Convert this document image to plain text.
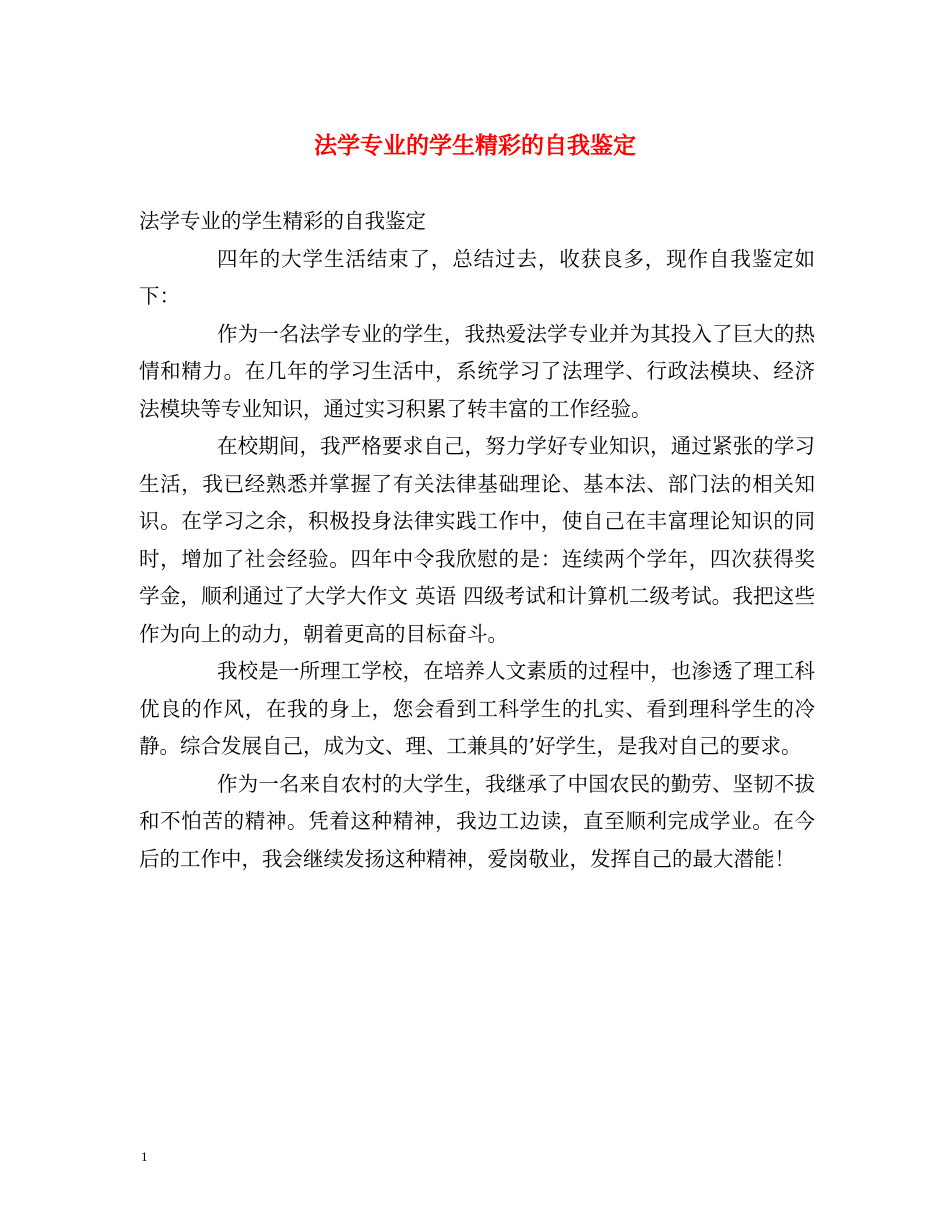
法学专业的学生精彩的自我鉴定
法学专业的学生精彩的自我鉴定
四年的大学生活结束了，总结过去，收获良多，现作自我鉴定如下：
作为一名法学专业的学生，我热爱法学专业并为其投入了巨大的热情和精力。在几年的学习生活中，系统学习了法理学、行政法模块、经济法模块等专业知识，通过实习积累了转丰富的工作经验。
在校期间，我严格要求自己，努力学好专业知识，通过紧张的学习生活，我已经熟悉并掌握了有关法律基础理论、基本法、部门法的相关知识。在学习之余，积极投身法律实践工作中，使自己在丰富理论知识的同时，增加了社会经验。四年中令我欣慰的是：连续两个学年，四次获得奖学金，顺利通过了大学大作文 英语 四级考试和计算机二级考试。我把这些作为向上的动力，朝着更高的目标奋斗。
我校是一所理工学校，在培养人文素质的过程中，也渗透了理工科优良的作风，在我的身上，您会看到工科学生的扎实、看到理科学生的冷静。综合发展自己，成为文、理、工兼具的’好学生，是我对自己的要求。
作为一名来自农村的大学生，我继承了中国农民的勤劳、坚韧不拔和不怕苦的精神。凭着这种精神，我边工边读，直至顺利完成学业。在今后的工作中，我会继续发扬这种精神，爱岗敬业，发挥自己的最大潜能！
1
